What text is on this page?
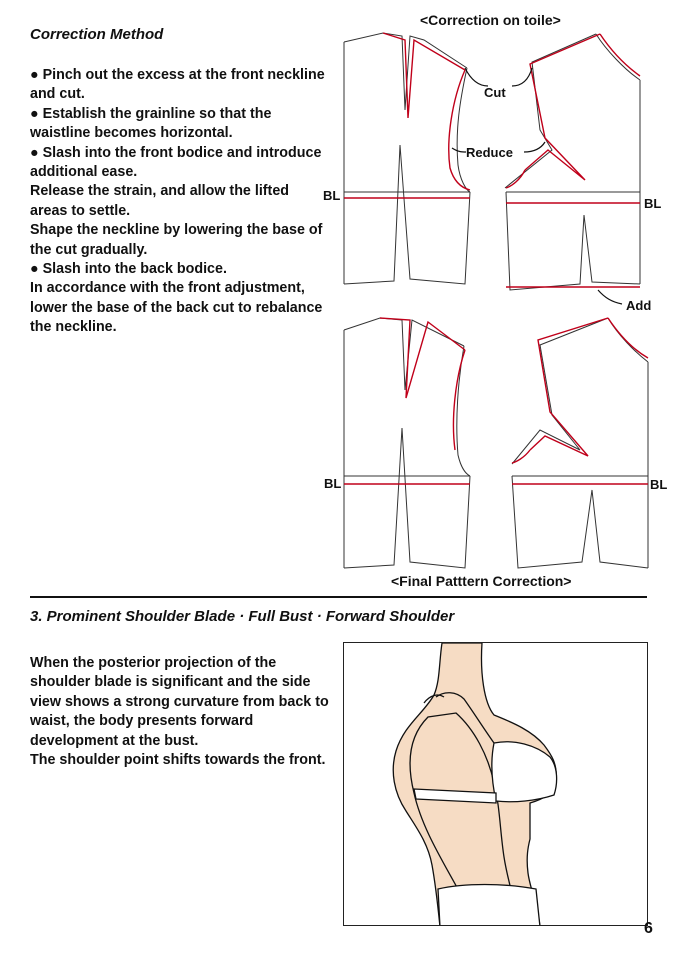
Correction Method

● Pinch out the excess at the front neckline and cut.

● Establish the grainline so that the waistline becomes horizontal.

● Slash into the front bodice and introduce additional ease.

Release the strain, and allow the lifted areas to settle.

Shape the neckline by lowering the base of the cut gradually.

● Slash into the back bodice.

In accordance with the front adjustment, lower the base of the back cut to rebalance the neckline.

<Correction on toile>
Cut
Reduce
BL
BL
Add
BL	BL
<Final Patttern Correction>
3. Prominent Shoulder Blade · Full Bust · Forward Shoulder

When the posterior projection of the shoulder blade is significant and the side view shows a strong curvature from back to waist, the body presents forward development at the bust.

The shoulder point shifts towards the front.

6
